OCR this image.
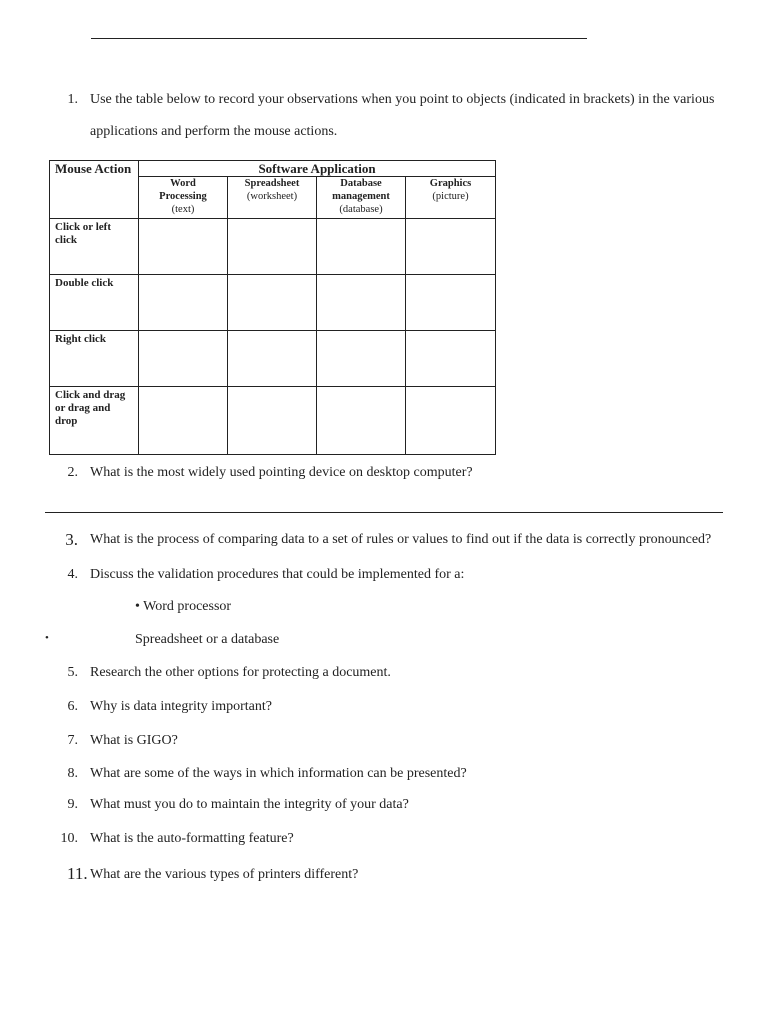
1. Use the table below to record your observations when you point to objects (indicated in brackets) in the various
applications and perform the mouse actions.
Mouse Action	Software Application			

	Word
Processing
(text)	Spreadsheet
(worksheet)	Database
management
(database)	Graphics
(picture)

Click or left
click				

Double click				

Right click				

Click and drag
or drag and
drop				

2. What is the most widely used pointing device on desktop computer?
3. What is the process of comparing data to a set of rules or values to find out if the data is correctly pronounced?
4. Discuss the validation procedures that could be implemented for a:
• Word processor
•	Spreadsheet or a database
5. Research the other options for protecting a document.
6. Why is data integrity important?
7. What is GIGO?
8. What are some of the ways in which information can be presented?
9. What must you do to maintain the integrity of your data?
10. What is the auto-formatting feature?
11. What are the various types of printers different?
